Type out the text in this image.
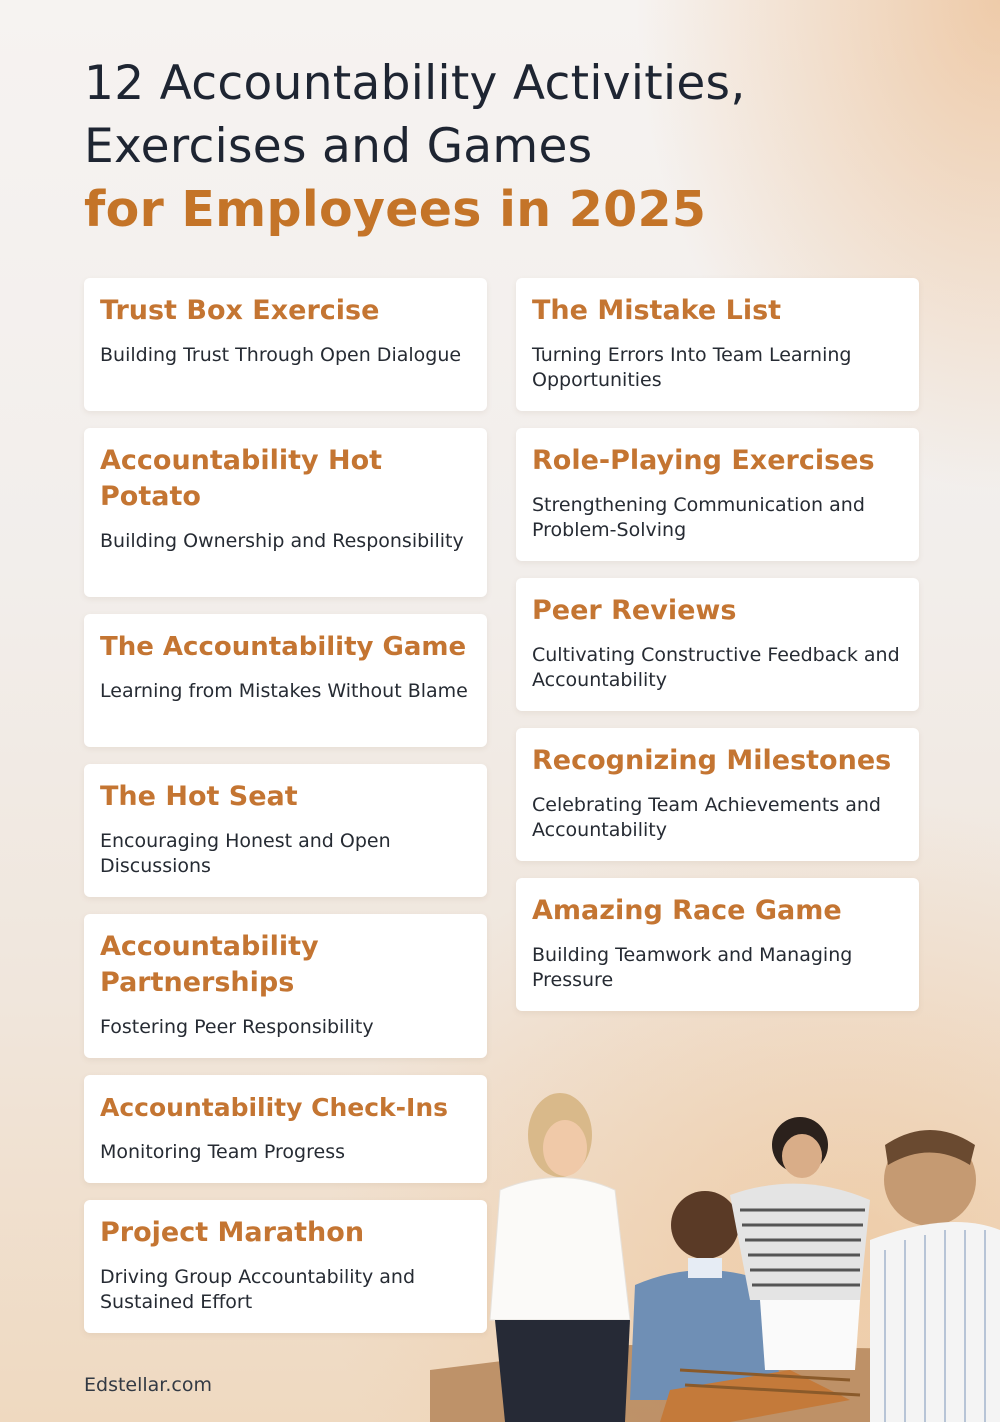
12 Accountability Activities,
Exercises and Games
for Employees in 2025
Trust Box Exercise

Building Trust Through Open Dialogue

Accountability Hot Potato

Building Ownership and Responsibility

The Accountability Game

Learning from Mistakes Without Blame

The Hot Seat

Encouraging Honest and Open Discussions

Accountability Partnerships

Fostering Peer Responsibility

Accountability Check-Ins

Monitoring Team Progress

Project Marathon

Driving Group Accountability and Sustained Effort

The Mistake List

Turning Errors Into Team Learning Opportunities

Role-Playing Exercises

Strengthening Communication and Problem-Solving

Peer Reviews

Cultivating Constructive Feedback and Accountability

Recognizing Milestones

Celebrating Team Achievements and Accountability

Amazing Race Game

Building Teamwork and Managing Pressure

Edstellar.com
